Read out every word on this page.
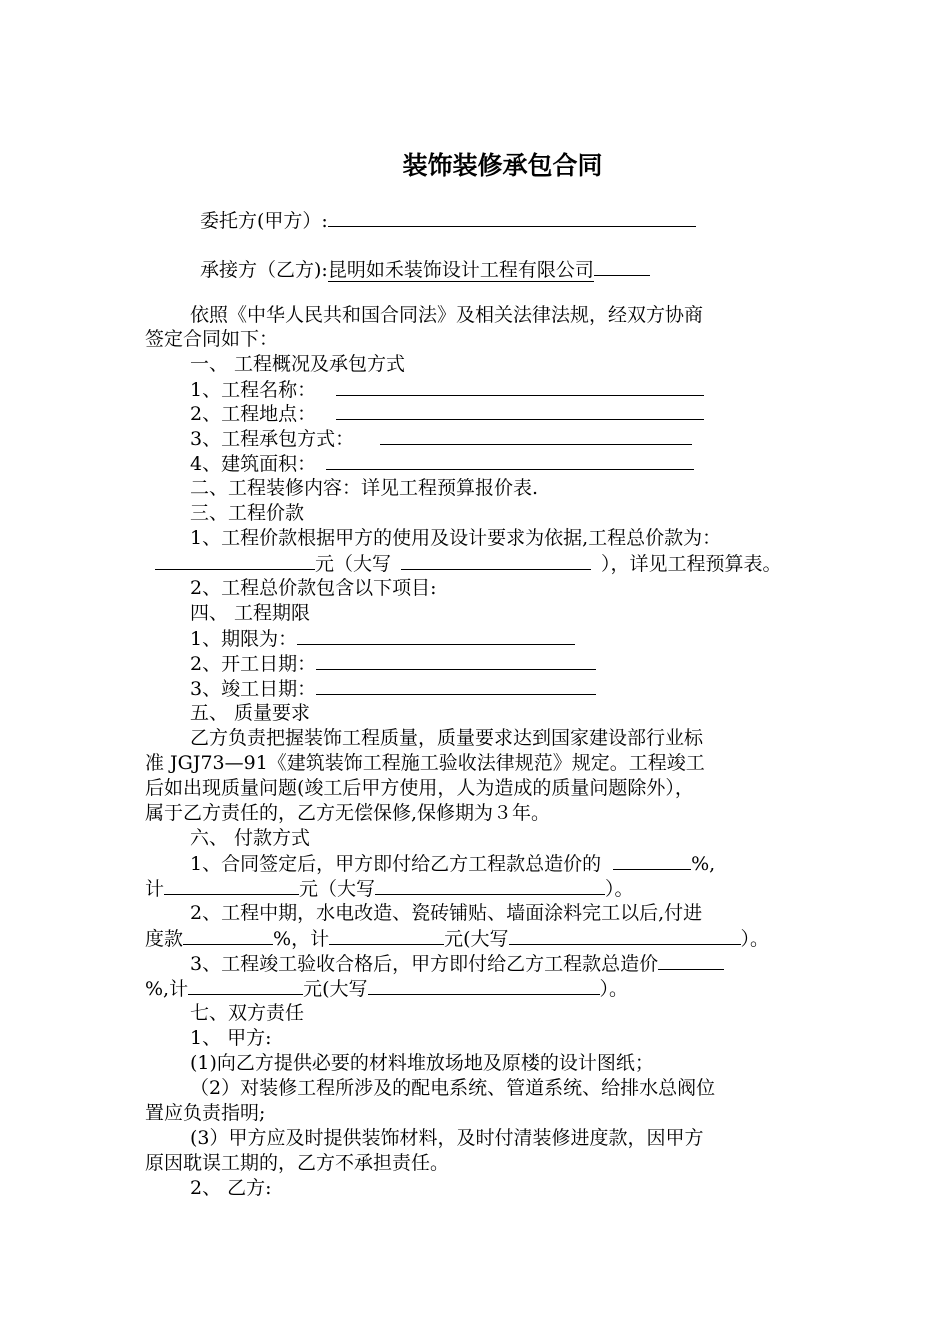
装饰装修承包合同
委托方(甲方）:
承接方（乙方):昆明如禾装饰设计工程有限公司
依照《中华人民共和国合同法》及相关法律法规，经双方协商
签定合同如下：
一、 工程概况及承包方式
1、工程名称：
2、工程地点：
3、工程承包方式：
4、建筑面积：
二、工程装修内容：详见工程预算报价表.
三、工程价款
1、工程价款根据甲方的使用及设计要求为依据,工程总价款为：
元（大写	），详见工程预算表。
2、工程总价款包含以下项目:
四、 工程期限
1、期限为：
2、开工日期：
3、竣工日期：
五、 质量要求
乙方负责把握装饰工程质量，质量要求达到国家建设部行业标
准 JGJ73—91《建筑装饰工程施工验收法律规范》规定。工程竣工
后如出现质量问题(竣工后甲方使用，人为造成的质量问题除外），
属于乙方责任的，乙方无偿保修,保修期为３年。
六、 付款方式
1、合同签定后，甲方即付给乙方工程款总造价的	%,
计	元（大写	）。
2、工程中期，水电改造、瓷砖铺贴、墙面涂料完工以后,付进
度款	%，计	元(大写	）。
3、工程竣工验收合格后，甲方即付给乙方工程款总造价
%,计	元(大写	）。
七、双方责任
1、 甲方:
(1)向乙方提供必要的材料堆放场地及原楼的设计图纸；
（2）对装修工程所涉及的配电系统、管道系统、给排水总阀位
置应负责指明;
(3）甲方应及时提供装饰材料，及时付清装修进度款，因甲方
原因耽误工期的，乙方不承担责任。
2、 乙方:
